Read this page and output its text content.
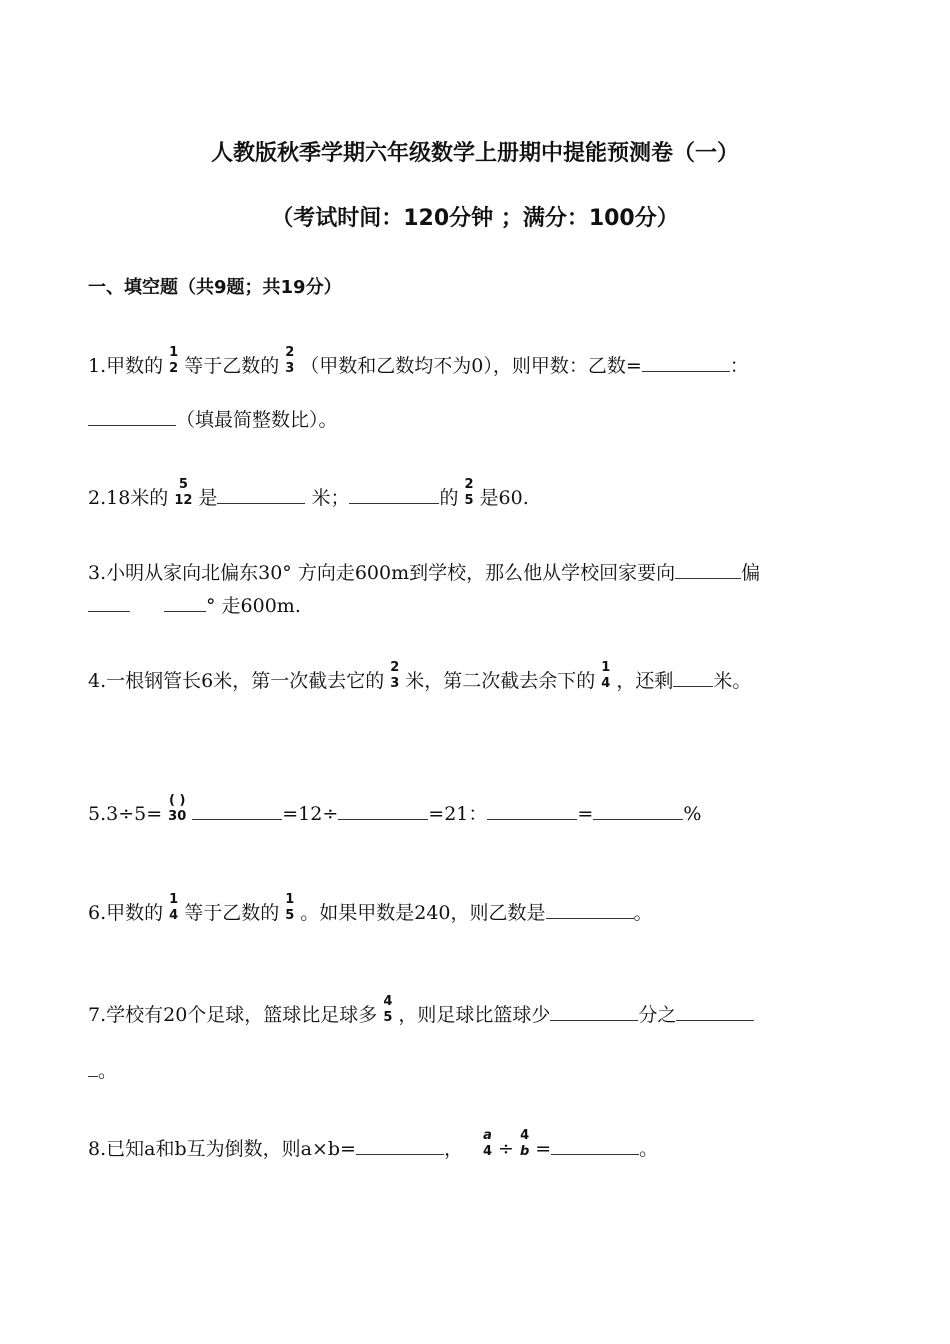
人教版秋季学期六年级数学上册期中提能预测卷（一）
（考试时间：120分钟 ；满分：100分）
一、填空题（共9题；共19分）
1.甲数的
1
2 等于乙数的
2
3 （甲数和乙数均不为0），则甲数：乙数=	：
（填最简整数比）。
2.18米的
5
12 是	米；	的
2
5 是60.
3.小明从家向北偏东30° 方向走600m到学校，那么他从学校回家要向	偏
° 走600m.
4.一根钢管长6米，第一次截去它的
2
3 米，第二次截去余下的
1
4 ，还剩 米。
5.3÷5=
( )
30	=12÷	=21：	=	%
6.甲数的
1
4 等于乙数的
1
5 。如果甲数是240，则乙数是	。
7.学校有20个足球，篮球比足球多
4
5 ，则足球比篮球少	分之
。
8.已知a和b互为倒数，则a×b=	，
a
4 ÷
4
b =	。
